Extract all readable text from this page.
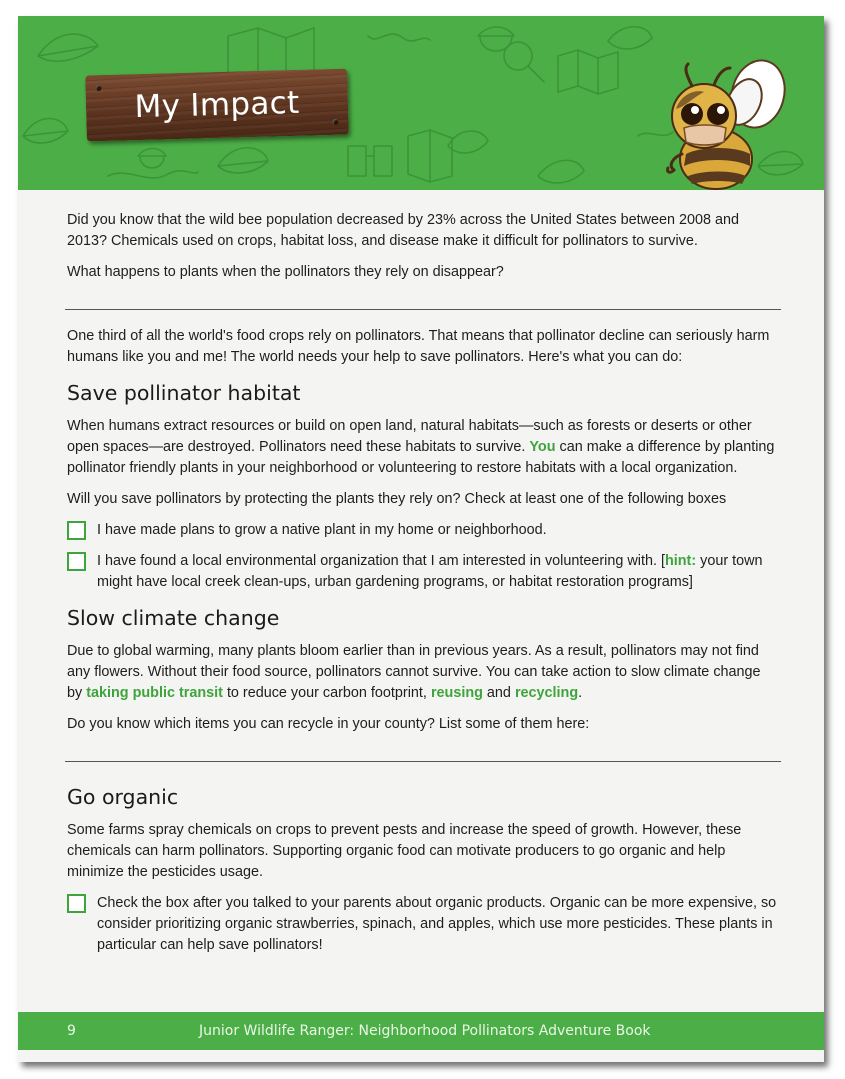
My Impact

Did you know that the wild bee population decreased by 23% across the United States between 2008 and 2013? Chemicals used on crops, habitat loss, and disease make it difficult for pollinators to survive.

What happens to plants when the pollinators they rely on disappear?

One third of all the world's food crops rely on pollinators. That means that pollinator decline can seriously harm humans like you and me! The world needs your help to save pollinators. Here's what you can do:

Save pollinator habitat

When humans extract resources or build on open land, natural habitats—such as forests or deserts or other open spaces—are destroyed. Pollinators need these habitats to survive. You can make a difference by planting pollinator friendly plants in your neighborhood or volunteering to restore habitats with a local organization.

Will you save pollinators by protecting the plants they rely on? Check at least one of the following boxes

I have made plans to grow a native plant in my home or neighborhood.
I have found a local environmental organization that I am interested in volunteering with. [hint: your town might have local creek clean-ups, urban gardening programs, or habitat restoration programs]
Slow climate change

Due to global warming, many plants bloom earlier than in previous years. As a result, pollinators may not find any flowers. Without their food source, pollinators cannot survive. You can take action to slow climate change by taking public transit to reduce your carbon footprint, reusing and recycling.

Do you know which items you can recycle in your county? List some of them here:

Go organic

Some farms spray chemicals on crops to prevent pests and increase the speed of growth. However, these chemicals can harm pollinators. Supporting organic food can motivate producers to go organic and help minimize the pesticides usage.

Check the box after you talked to your parents about organic products. Organic can be more expensive, so consider prioritizing organic strawberries, spinach, and apples, which use more pesticides. These plants in particular can help save pollinators!
9	Junior Wildlife Ranger: Neighborhood Pollinators Adventure Book
